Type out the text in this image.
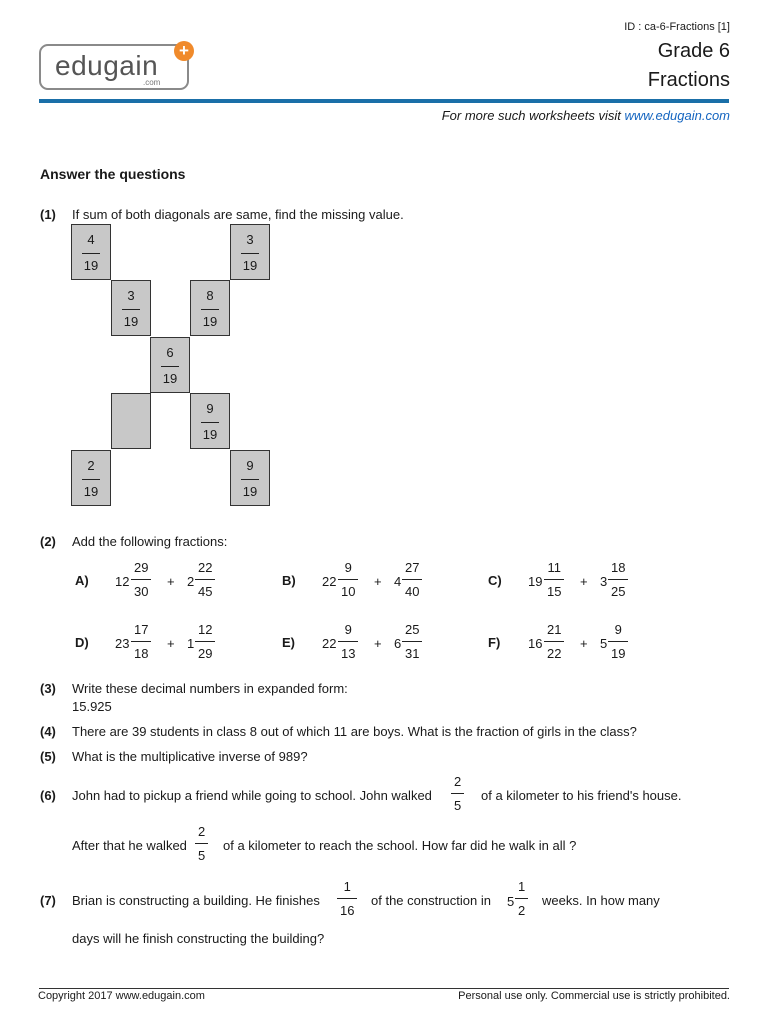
edugain
.com
+
ID : ca-6-Fractions [1]
Grade 6
Fractions
For more such worksheets visit www.edugain.com
Answer the questions
(1) If sum of both diagonals are same, find the missing value.
4
19
3
19
3
19
8
19
6
19
9
19
2
19
9
19
(2) Add the following fractions:
A) 12
29
30
+ 2
22
45
B) 22
9
10
+ 4
27
40
C) 19
11
15
+ 3
18
25
D) 23
17
18
+ 1
12
29
E) 22
9
13
+ 6
25
31
F) 16
21
22
+ 5
9
19
(3) Write these decimal numbers in expanded form:
15.925
(4) There are 39 students in class 8 out of which 11 are boys. What is the fraction of girls in the class?
(5) What is the multiplicative inverse of 989?
(6) John had to pickup a friend while going to school. John walked
2
5
of a kilometer to his friend's house.
After that he walked
2
5
of a kilometer to reach the school. How far did he walk in all ?
(7) Brian is constructing a building. He finishes
1
16
of the construction in 5
1
2
weeks. In how many
days will he finish constructing the building?
Copyright 2017 www.edugain.com	Personal use only. Commercial use is strictly prohibited.
